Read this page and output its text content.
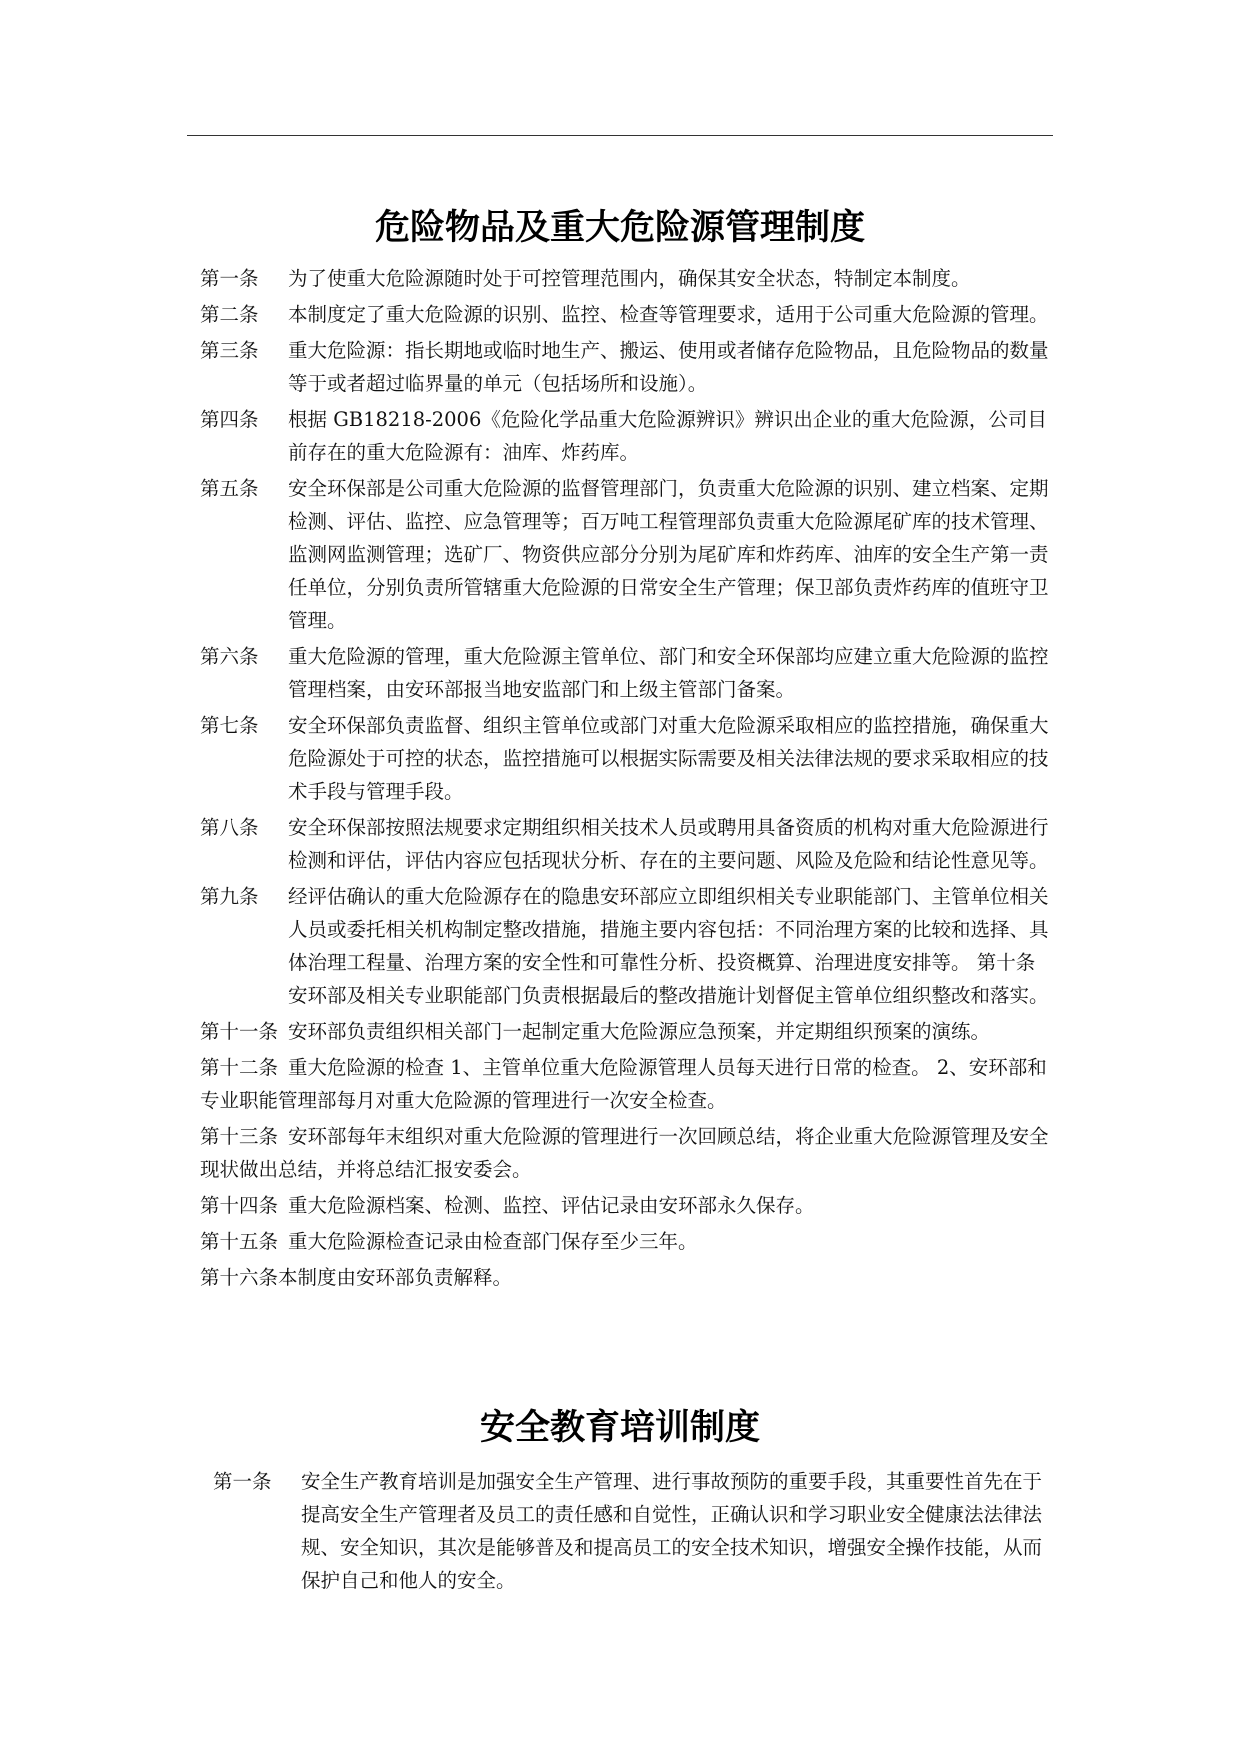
危险物品及重大危险源管理制度
第一条	为了使重大危险源随时处于可控管理范围内，确保其安全状态，特制定本制度。
第二条	本制度定了重大危险源的识别、监控、检查等管理要求，适用于公司重大危险源的管理。
第三条	重大危险源：指长期地或临时地生产、搬运、使用或者储存危险物品，且危险物品的数量等于或者超过临界量的单元（包括场所和设施）。
第四条	根据 GB18218-2006《危险化学品重大危险源辨识》辨识出企业的重大危险源，公司目前存在的重大危险源有：油库、炸药库。
第五条	安全环保部是公司重大危险源的监督管理部门，负责重大危险源的识别、建立档案、定期检测、评估、监控、应急管理等；百万吨工程管理部负责重大危险源尾矿库的技术管理、监测网监测管理；选矿厂、物资供应部分分别为尾矿库和炸药库、油库的安全生产第一责任单位，分别负责所管辖重大危险源的日常安全生产管理；保卫部负责炸药库的值班守卫管理。
第六条	重大危险源的管理，重大危险源主管单位、部门和安全环保部均应建立重大危险源的监控管理档案，由安环部报当地安监部门和上级主管部门备案。
第七条	安全环保部负责监督、组织主管单位或部门对重大危险源采取相应的监控措施，确保重大危险源处于可控的状态，监控措施可以根据实际需要及相关法律法规的要求采取相应的技术手段与管理手段。
第八条	安全环保部按照法规要求定期组织相关技术人员或聘用具备资质的机构对重大危险源进行检测和评估，评估内容应包括现状分析、存在的主要问题、风险及危险和结论性意见等。
第九条	经评估确认的重大危险源存在的隐患安环部应立即组织相关专业职能部门、主管单位相关人员或委托相关机构制定整改措施，措施主要内容包括：不同治理方案的比较和选择、具体治理工程量、治理方案的安全性和可靠性分析、投资概算、治理进度安排等。 第十条 安环部及相关专业职能部门负责根据最后的整改措施计划督促主管单位组织整改和落实。
第十一条 安环部负责组织相关部门一起制定重大危险源应急预案，并定期组织预案的演练。
第十二条 重大危险源的检查 1、主管单位重大危险源管理人员每天进行日常的检查。 2、安环部和专业职能管理部每月对重大危险源的管理进行一次安全检查。
第十三条 安环部每年末组织对重大危险源的管理进行一次回顾总结，将企业重大危险源管理及安全现状做出总结，并将总结汇报安委会。
第十四条 重大危险源档案、检测、监控、评估记录由安环部永久保存。
第十五条 重大危险源检查记录由检查部门保存至少三年。
第十六条本制度由安环部负责解释。
安全教育培训制度
第一条	安全生产教育培训是加强安全生产管理、进行事故预防的重要手段，其重要性首先在于提高安全生产管理者及员工的责任感和自觉性，正确认识和学习职业安全健康法法律法规、安全知识，其次是能够普及和提高员工的安全技术知识，增强安全操作技能，从而保护自己和他人的安全。
